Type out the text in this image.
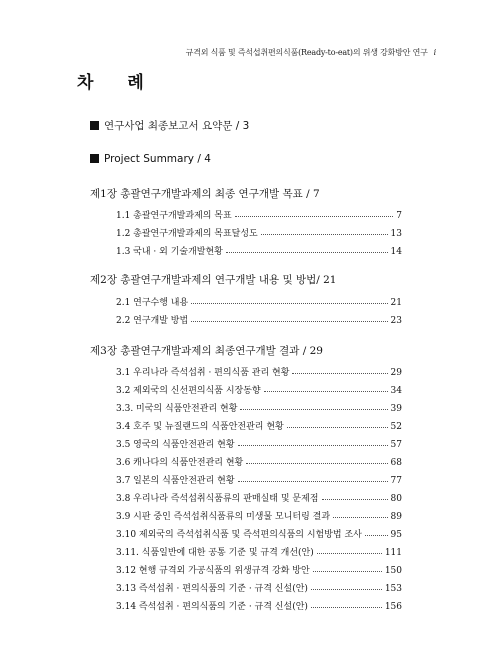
규격외 식품 및 즉석섭취편의식품(Ready-to-eat)의 위생 강화방안 연구 i
차 례
연구사업 최종보고서 요약문 / 3
Project Summary / 4
제1장 총괄연구개발과제의 최종 연구개발 목표 / 7
1.1 총괄연구개발과제의 목표	7
1.2 총괄연구개발과제의 목표달성도	13
1.3 국내 · 외 기술개발현황	14
제2장 총괄연구개발과제의 연구개발 내용 및 방법/ 21
2.1 연구수행 내용	21
2.2 연구개발 방법	23
제3장 총괄연구개발과제의 최종연구개발 결과 / 29
3.1 우리나라 즉석섭취 · 편의식품 관리 현황	29
3.2 제외국의 신선편의식품 시장동향	34
3.3. 미국의 식품안전관리 현황	39
3.4 호주 및 뉴질랜드의 식품안전관리 현황	52
3.5 영국의 식품안전관리 현황	57
3.6 캐나다의 식품안전관리 현황	68
3.7 일본의 식품안전관리 현황	77
3.8 우리나라 즉석섭취식품류의 판매실태 및 문제점	80
3.9 시판 중인 즉석섭취식품류의 미생물 모니터링 결과	89
3.10 제외국의 즉석섭취식품 및 즉석편의식품의 시험방법 조사	95
3.11. 식품일반에 대한 공통 기준 및 규격 개선(안)	111
3.12 현행 규격외 가공식품의 위생규격 강화 방안	150
3.13 즉석섭취 · 편의식품의 기준 · 규격 신설(안)	153
3.14 즉석섭취 · 편의식품의 기준 · 규격 신설(안)	156
